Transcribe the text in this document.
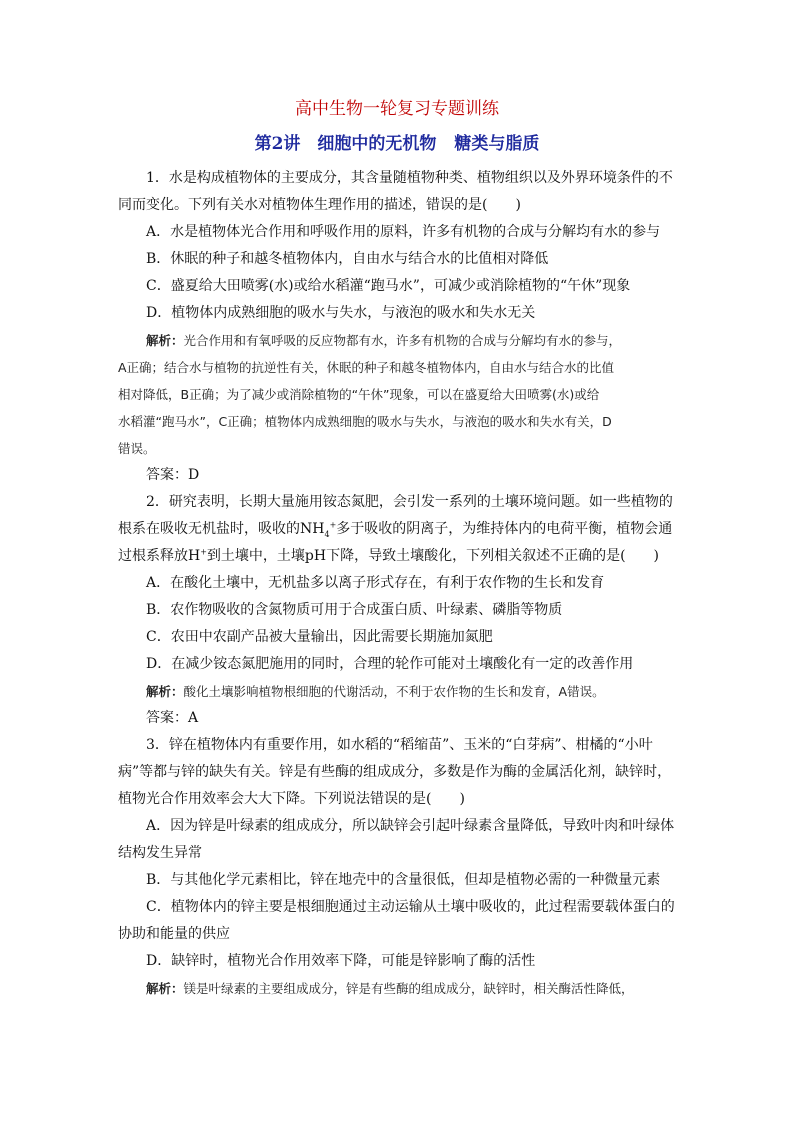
高中生物一轮复习专题训练
第2讲　细胞中的无机物 糖类与脂质

1．水是构成植物体的主要成分，其含量随植物种类、植物组织以及外界环境条件的不

同而变化。下列有关水对植物体生理作用的描述，错误的是(　　)

A．水是植物体光合作用和呼吸作用的原料，许多有机物的合成与分解均有水的参与

B．休眠的种子和越冬植物体内，自由水与结合水的比值相对降低

C．盛夏给大田喷雾(水)或给水稻灌“跑马水”，可减少或消除植物的“午休”现象

D．植物体内成熟细胞的吸水与失水，与液泡的吸水和失水无关

解析：光合作用和有氧呼吸的反应物都有水，许多有机物的合成与分解均有水的参与，

A正确；结合水与植物的抗逆性有关，休眠的种子和越冬植物体内，自由水与结合水的比值

相对降低，B正确；为了减少或消除植物的“午休”现象，可以在盛夏给大田喷雾(水)或给

水稻灌“跑马水”，C正确；植物体内成熟细胞的吸水与失水，与液泡的吸水和失水有关，D

错误。

答案：D

2．研究表明，长期大量施用铵态氮肥，会引发一系列的土壤环境问题。如一些植物的

根系在吸收无机盐时，吸收的$NH_4^+$多于吸收的阴离子，为维持体内的电荷平衡，植物会通

过根系释放H+到土壤中，土壤pH下降，导致土壤酸化，下列相关叙述不正确的是(　　)

A．在酸化土壤中，无机盐多以离子形式存在，有利于农作物的生长和发育

B．农作物吸收的含氮物质可用于合成蛋白质、叶绿素、磷脂等物质

C．农田中农副产品被大量输出，因此需要长期施加氮肥

D．在减少铵态氮肥施用的同时，合理的轮作可能对土壤酸化有一定的改善作用

解析：酸化土壤影响植物根细胞的代谢活动，不利于农作物的生长和发育，A错误。

答案：A

3．锌在植物体内有重要作用，如水稻的“稻缩苗”、玉米的“白芽病”、柑橘的“小叶

病”等都与锌的缺失有关。锌是有些酶的组成成分，多数是作为酶的金属活化剂，缺锌时，

植物光合作用效率会大大下降。下列说法错误的是(　　)

A．因为锌是叶绿素的组成成分，所以缺锌会引起叶绿素含量降低，导致叶肉和叶绿体

结构发生异常

B．与其他化学元素相比，锌在地壳中的含量很低，但却是植物必需的一种微量元素

C．植物体内的锌主要是根细胞通过主动运输从土壤中吸收的，此过程需要载体蛋白的

协助和能量的供应

D．缺锌时，植物光合作用效率下降，可能是锌影响了酶的活性

解析：镁是叶绿素的主要组成成分，锌是有些酶的组成成分，缺锌时，相关酶活性降低，
